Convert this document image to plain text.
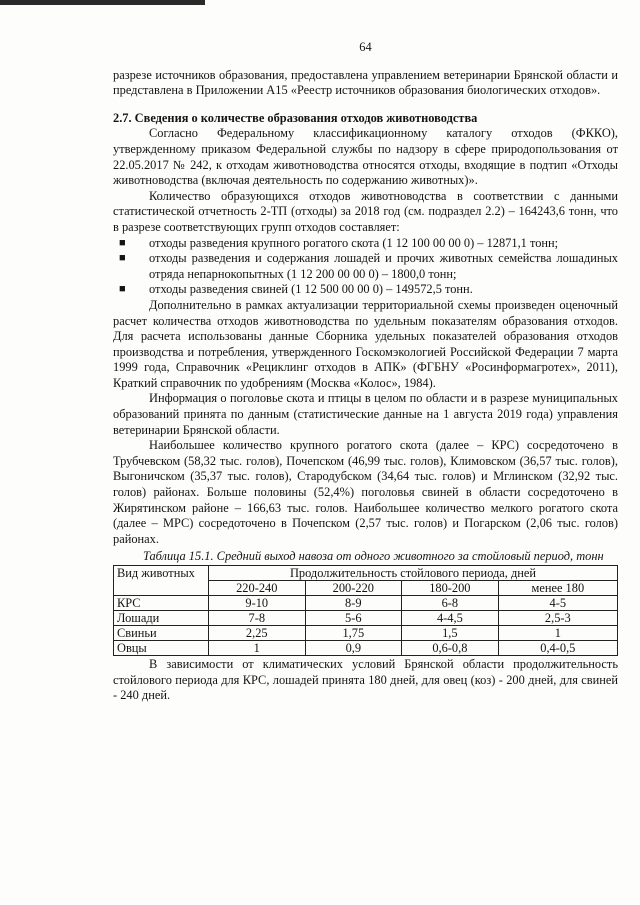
64

разрезе источников образования, предоставлена управлением ветеринарии Брянской области и представлена в Приложении А15 «Реестр источников образования биологических отходов».

2.7. Сведения о количестве образования отходов животноводства

Согласно Федеральному классификационному каталогу отходов (ФККО), утвержденному приказом Федеральной службы по надзору в сфере природопользования от 22.05.2017 № 242, к отходам животноводства относятся отходы, входящие в подтип «Отходы животноводства (включая деятельность по содержанию животных)».

Количество образующихся отходов животноводства в соответствии с данными статистической отчетность 2-ТП (отходы) за 2018 год (см. подраздел 2.2) – 164243,6 тонн, что в разрезе соответствующих групп отходов составляет:

■ отходы разведения крупного рогатого скота (1 12 100 00 00 0) – 12871,1 тонн;
■ отходы разведения и содержания лошадей и прочих животных семейства лошадиных отряда непарнокопытных (1 12 200 00 00 0) – 1800,0 тонн;
■ отходы разведения свиней (1 12 500 00 00 0) – 149572,5 тонн.

Дополнительно в рамках актуализации территориальной схемы произведен оценочный расчет количества отходов животноводства по удельным показателям образования отходов. Для расчета использованы данные Сборника удельных показателей образования отходов производства и потребления, утвержденного Госкомэкологией Российской Федерации 7 марта 1999 года, Справочник «Рециклинг отходов в АПК» (ФГБНУ «Росинформагротех», 2011), Краткий справочник по удобрениям (Москва «Колос», 1984).

Информация о поголовье скота и птицы в целом по области и в разрезе муниципальных образований принята по данным (статистические данные на 1 августа 2019 года) управления ветеринарии Брянской области.

Наибольшее количество крупного рогатого скота (далее – КРС) сосредоточено в Трубчевском (58,32 тыс. голов), Почепском (46,99 тыс. голов), Климовском (36,57 тыс. голов), Выгоничском (35,37 тыс. голов), Стародубском (34,64 тыс. голов) и Мглинском (32,92 тыс. голов) районах. Больше половины (52,4%) поголовья свиней в области сосредоточено в Жирятинском районе – 166,63 тыс. голов. Наибольшее количество мелкого рогатого скота (далее – МРС) сосредоточено в Почепском (2,57 тыс. голов) и Погарском (2,06 тыс. голов) районах.

Таблица 15.1. Средний выход навоза от одного животного за стойловый период, тонн

Вид животных	Продолжительность стойлового периода, дней			
	220-240	200-220	180-200	менее 180
КРС	9-10	8-9	6-8	4-5
Лошади	7-8	5-6	4-4,5	2,5-3
Свиньи	2,25	1,75	1,5	1
Овцы	1	0,9	0,6-0,8	0,4-0,5

В зависимости от климатических условий Брянской области продолжительность стойлового периода для КРС, лошадей принята 180 дней, для овец (коз) - 200 дней, для свиней - 240 дней.
